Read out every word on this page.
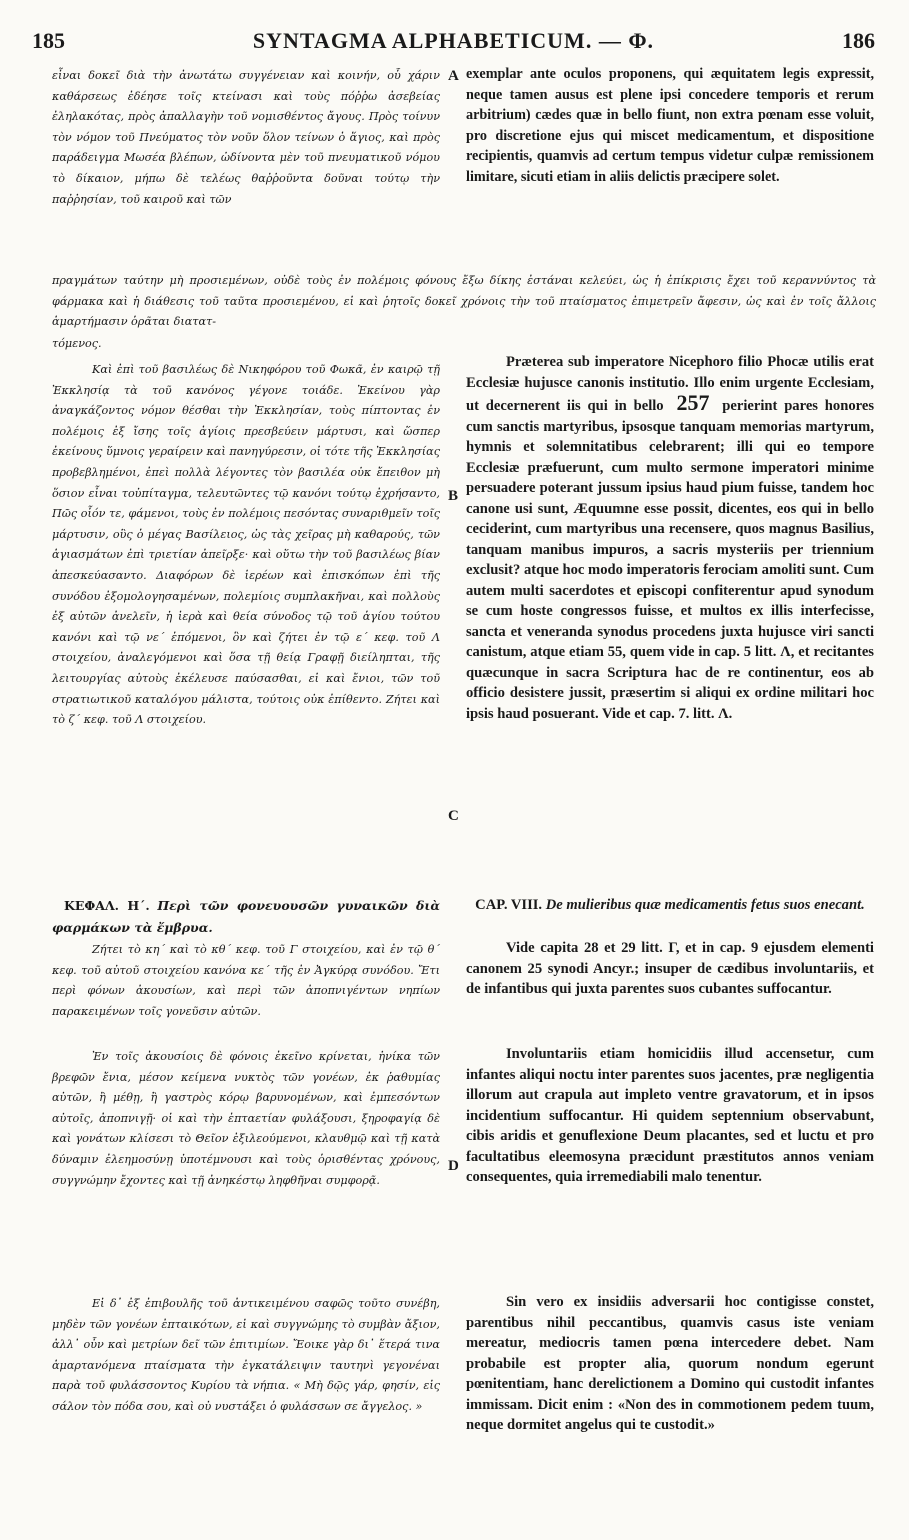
185	SYNTAGMA ALPHABETICUM. — Φ.	186

εἶναι δοκεῖ διὰ τὴν ἀνωτάτω συγγένειαν καὶ κοινήν, οὗ χάριν καθάρσεως ἐδέησε τοῖς κτείνασι καὶ τοὺς πόῤῥω ἀσεβείας ἐληλακότας, πρὸς ἀπαλλαγὴν τοῦ νομισθέντος ἄγους. Πρὸς τοίνυν τὸν νόμον τοῦ Πνεύματος τὸν νοῦν ὅλον τείνων ὁ ἅγιος, καὶ πρὸς παράδειγμα Μωσέα βλέπων, ὠδίνοντα μὲν τοῦ πνευματικοῦ νόμου τὸ δίκαιον, μήπω δὲ τελέως θαῤῥοῦντα δοῦναι τούτῳ τὴν παῤῥησίαν, τοῦ καιροῦ καὶ τῶν

πραγμάτων ταύτην μὴ προσιεμένων, οὐδὲ τοὺς ἐν πολέμοις φόνους ἔξω δίκης ἐστάναι κελεύει, ὡς ἡ ἐπίκρισις ἔχει τοῦ κεραννύντος τὰ φάρμακα καὶ ἡ διάθεσις τοῦ ταῦτα προσιεμένου, εἰ καὶ ῥητοῖς δοκεῖ χρόνοις τὴν τοῦ πταίσματος ἐπιμετρεῖν ἄφεσιν, ὡς καὶ ἐν τοῖς ἄλλοις ἁμαρτήμασιν ὁρᾶται διατατ-

τόμενος.

Καὶ ἐπὶ τοῦ βασιλέως δὲ Νικηφόρου τοῦ Φωκᾶ, ἐν καιρῷ τῇ Ἐκκλησίᾳ τὰ τοῦ κανόνος γέγονε τοιάδε. Ἐκείνου γὰρ ἀναγκάζοντος νόμον θέσθαι τὴν Ἐκκλησίαν, τοὺς πίπτοντας ἐν πολέμοις ἐξ ἴσης τοῖς ἁγίοις πρεσβεύειν μάρτυσι, καὶ ὥσπερ ἐκείνους ὕμνοις γεραίρειν καὶ πανηγύρεσιν, οἱ τότε τῆς Ἐκκλησίας προβεβλημένοι, ἐπεὶ πολλὰ λέγοντες τὸν βασιλέα οὐκ ἔπειθον μὴ ὅσιον εἶναι τοὐπίταγμα, τελευτῶντες τῷ κανόνι τούτῳ ἐχρήσαντο, Πῶς οἷόν τε, φάμενοι, τοὺς ἐν πολέμοις πεσόντας συναριθμεῖν τοῖς μάρτυσιν, οὓς ὁ μέγας Βασίλειος, ὡς τὰς χεῖρας μὴ καθαρούς, τῶν ἁγιασμάτων ἐπὶ τριετίαν ἀπεῖρξε· καὶ οὕτω τὴν τοῦ βασιλέως βίαν ἀπεσκεύασαντο. Διαφόρων δὲ ἱερέων καὶ ἐπισκόπων ἐπὶ τῆς συνόδου ἐξομολογησαμένων, πολεμίοις συμπλακῆναι, καὶ πολλοὺς ἐξ αὐτῶν ἀνελεῖν, ἡ ἱερὰ καὶ θεία σύνοδος τῷ τοῦ ἁγίου τούτου κανόνι καὶ τῷ νε΄ ἑπόμενοι, ὃν καὶ ζήτει ἐν τῷ ε΄ κεφ. τοῦ Λ στοιχείου, ἀναλεγόμενοι καὶ ὅσα τῇ θείᾳ Γραφῇ διείληπται, τῆς λειτουργίας αὐτοὺς ἐκέλευσε παύσασθαι, εἰ καὶ ἔνιοι, τῶν τοῦ στρατιωτικοῦ καταλόγου μάλιστα, τούτοις οὐκ ἐπίθεντο. Ζήτει καὶ τὸ ζ΄ κεφ. τοῦ Λ στοιχείου.

ΚΕΦΑΛ. Η΄. Περὶ τῶν φονευουσῶν γυναικῶν διὰ φαρμάκων τὰ ἔμβρυα.

Ζήτει τὸ κη΄ καὶ τὸ κθ΄ κεφ. τοῦ Γ στοιχείου, καὶ ἐν τῷ θ΄ κεφ. τοῦ αὐτοῦ στοιχείου κανόνα κε΄ τῆς ἐν Ἀγκύρᾳ συνόδου. Ἔτι περὶ φόνων ἀκουσίων, καὶ περὶ τῶν ἀποπνιγέντων νηπίων παρακειμένων τοῖς γονεῦσιν αὐτῶν.

Ἐν τοῖς ἀκουσίοις δὲ φόνοις ἐκεῖνο κρίνεται, ἡνίκα τῶν βρεφῶν ἔνια, μέσον κείμενα νυκτὸς τῶν γονέων, ἐκ ῥαθυμίας αὐτῶν, ἢ μέθῃ, ἢ γαστρὸς κόρῳ βαρυνομένων, καὶ ἐμπεσόντων αὐτοῖς, ἀποπνιγῇ· οἱ καὶ τὴν ἑπταετίαν φυλάξουσι, ξηροφαγίᾳ δὲ καὶ γονάτων κλίσεσι τὸ Θεῖον ἐξιλεούμενοι, κλαυθμῷ καὶ τῇ κατὰ δύναμιν ἐλεημοσύνῃ ὑποτέμνουσι καὶ τοὺς ὁρισθέντας χρόνους, συγγνώμην ἔχοντες καὶ τῇ ἀνηκέστῳ ληφθῆναι συμφορᾷ.

Εἰ δ᾽ ἐξ ἐπιβουλῆς τοῦ ἀντικειμένου σαφῶς τοῦτο συνέβη, μηδὲν τῶν γονέων ἐπταικότων, εἰ καὶ συγγνώμης τὸ συμβὰν ἄξιον, ἀλλ᾽ οὖν καὶ μετρίων δεῖ τῶν ἐπιτιμίων. Ἔοικε γὰρ δι᾽ ἕτερά τινα ἁμαρτανόμενα πταίσματα τὴν ἐγκατάλειψιν ταυτηνὶ γεγονέναι παρὰ τοῦ φυλάσσοντος Κυρίου τὰ νήπια. « Μὴ δῷς γάρ, φησίν, εἰς σάλον τὸν πόδα σου, καὶ οὐ νυστάξει ὁ φυλάσσων σε ἄγγελος. »

A
B
C
D

exemplar ante oculos proponens, qui æquitatem legis expressit, neque tamen ausus est plene ipsi concedere temporis et rerum arbitrium) cædes quæ in bello fiunt, non extra pœnam esse voluit, pro discretione ejus qui miscet medicamentum, et dispositione recipientis, quamvis ad certum tempus videtur culpæ remissionem limitare, sicuti etiam in aliis delictis præcipere solet.

Præterea sub imperatore Nicephoro filio Phocæ utilis erat Ecclesiæ hujusce canonis institutio. Illo enim urgente Ecclesiam, ut decernerent iis qui in bello 257 perierint pares honores cum sanctis martyribus, ipsosque tanquam memorias martyrum, hymnis et solemnitatibus celebrarent; illi qui eo tempore Ecclesiæ præfuerunt, cum multo sermone imperatori minime persuadere poterant jussum ipsius haud pium fuisse, tandem hoc canone usi sunt, Æquumne esse possit, dicentes, eos qui in bello ceciderint, cum martyribus una recensere, quos magnus Basilius, tanquam manibus impuros, a sacris mysteriis per triennium exclusit? atque hoc modo imperatoris ferociam amoliti sunt. Cum autem multi sacerdotes et episcopi confiterentur apud synodum se cum hoste congressos fuisse, et multos ex illis interfecisse, sancta et veneranda synodus procedens juxta hujusce viri sancti canistum, atque etiam 55, quem vide in cap. 5 litt. Λ, et recitantes quæcunque in sacra Scriptura hac de re continentur, eos ab officio desistere jussit, præsertim si aliqui ex ordine militari hoc ipsis haud posuerant. Vide et cap. 7. litt. Λ.

CAP. VIII. De mulieribus quæ medicamentis fetus suos enecant.

Vide capita 28 et 29 litt. Γ, et in cap. 9 ejusdem elementi canonem 25 synodi Ancyr.; insuper de cædibus involuntariis, et de infantibus qui juxta parentes suos cubantes suffocantur.

Involuntariis etiam homicidiis illud accensetur, cum infantes aliqui noctu inter parentes suos jacentes, præ negligentia illorum aut crapula aut impleto ventre gravatorum, et in ipsos incidentium suffocantur. Hi quidem septennium observabunt, cibis aridis et genuflexione Deum placantes, sed et luctu et pro facultatibus eleemosyna præcidunt præstitutos annos veniam consequentes, quia irremediabili malo tenentur.

Sin vero ex insidiis adversarii hoc contigisse constet, parentibus nihil peccantibus, quamvis casus iste veniam mereatur, mediocris tamen pœna intercedere debet. Nam probabile est propter alia, quorum nondum egerunt pœnitentiam, hanc derelictionem a Domino qui custodit infantes immissam. Dicit enim : «Non des in commotionem pedem tuum, neque dormitet angelus qui te custodit.»
